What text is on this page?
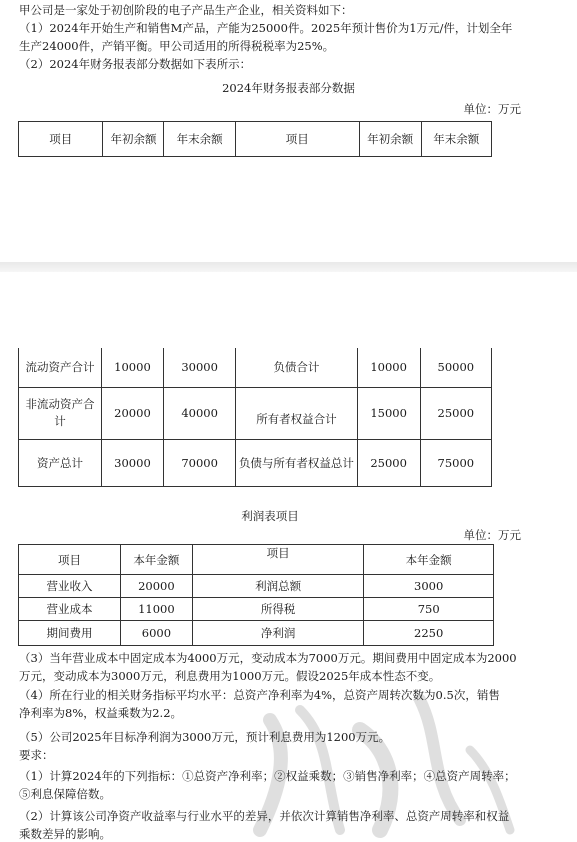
甲公司是一家处于初创阶段的电子产品生产企业，相关资料如下：
（1）2024年开始生产和销售M产品，产能为25000件。2025年预计售价为1万元/件，计划全年
生产24000件，产销平衡。甲公司适用的所得税税率为25%。
（2）2024年财务报表部分数据如下表所示：
2024年财务报表部分数据
单位：万元
项目	年初余额	年末余额	项目	年初余额	年末余额
流动资产合计	10000	30000	负债合计	10000	50000
非流动资产合计	20000	40000	所有者权益合计	15000	25000
资产总计	30000	70000	负债与所有者权益总计	25000	75000
利润表项目
单位：万元
项目	本年金额	项目	本年金额
营业收入	20000	利润总额	3000
营业成本	11000	所得税	750
期间费用	6000	净利润	2250
（3）当年营业成本中固定成本为4000万元，变动成本为7000万元。期间费用中固定成本为2000
万元，变动成本为3000万元，利息费用为1000万元。假设2025年成本性态不变。
（4）所在行业的相关财务指标平均水平：总资产净利率为4%，总资产周转次数为0.5次，销售
净利率为8%，权益乘数为2.2。
（5）公司2025年目标净利润为3000万元，预计利息费用为1200万元。
要求：
（1）计算2024年的下列指标：①总资产净利率；②权益乘数；③销售净利率；④总资产周转率；
⑤利息保障倍数。
（2）计算该公司净资产收益率与行业水平的差异，并依次计算销售净利率、总资产周转率和权益
乘数差异的影响。
